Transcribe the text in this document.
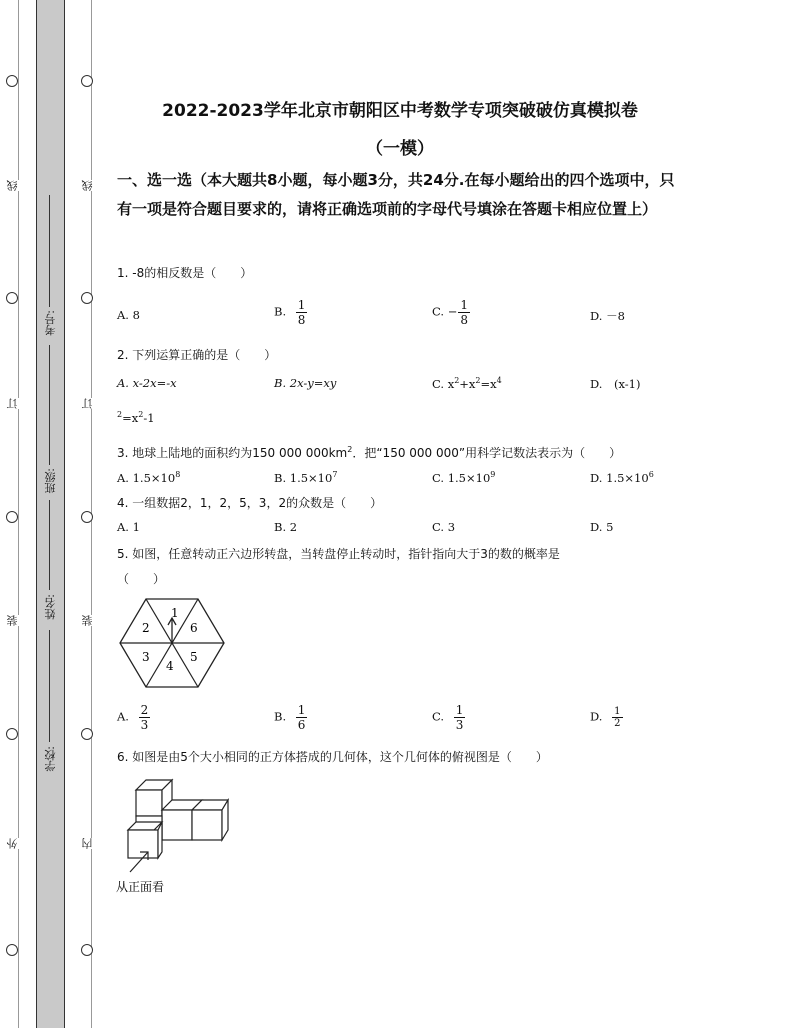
线
订
装
外
线
订
装
内
考号:
班级:
姓名:
学校:
2022-2023学年北京市朝阳区中考数学专项突破破仿真模拟卷
（一模）
一、选一选（本大题共8小题，每小题3分，共24分.在每小题给出的四个选项中，只有一项是符合题目要求的，请将正确选项前的字母代号填涂在答题卡相应位置上）
1. -8的相反数是（　　）
A. 8	B. $\frac{1}{8}$	C. − $\frac{1}{8}$	D. －8
2. 下列运算正确的是（　　）
A. x-2x=-x	B. 2x-y=xy	C. $x^2+x^2=x^4$	D.　(x-1)
$^2=x^2-1$
3. 地球上陆地的面积约为150 000 $000km^2$．把“150 000 000”用科学记数法表示为（　　）
A. $1.5\times 10^8$	B. $1.5\times 10^7$	C. $1.5\times 10^9$	D. $1.5\times 10^6$
4. 一组数据2，1，2，5，3，2的众数是（　　）
A. 1	B. 2	C. 3	D. 5
5. 如图，任意转动正六边形转盘，当转盘停止转动时，指针指向大于3的数的概率是
（　　）
1
6
5
4
3
2
A. $\frac{2}{3}$	B. $\frac{1}{6}$	C. $\frac{1}{3}$	D. $\frac{1}{2}$
6. 如图是由5个大小相同的正方体搭成的几何体，这个几何体的俯视图是（　　）
从正面看
